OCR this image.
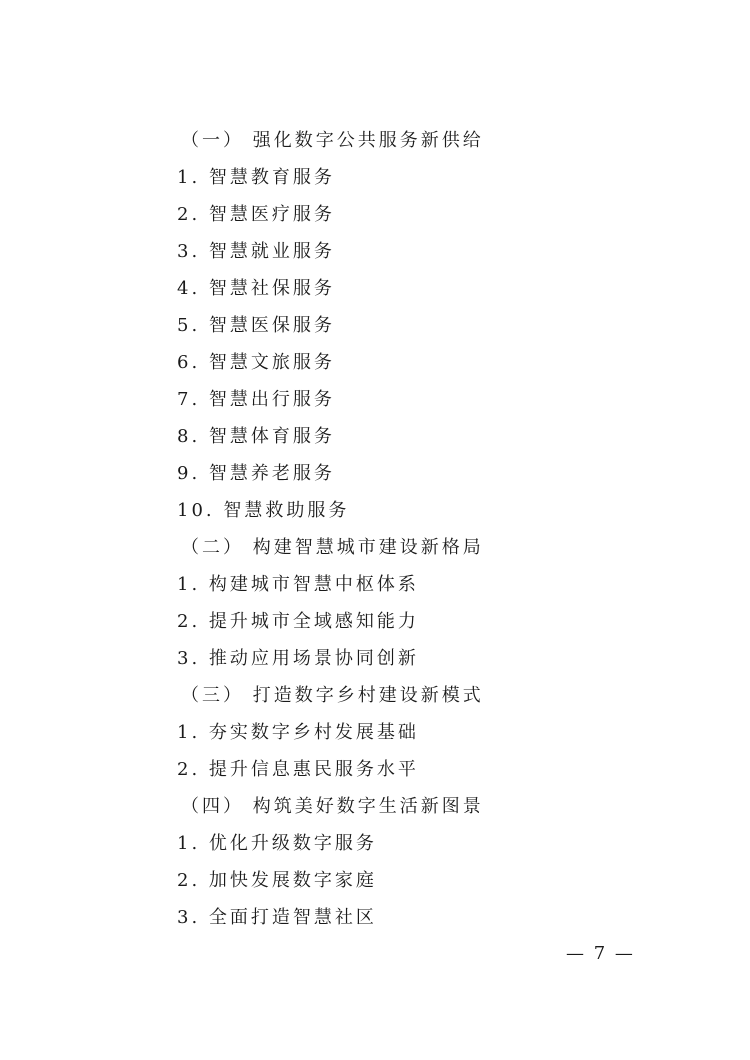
（一） 强化数字公共服务新供给
1. 智慧教育服务
2. 智慧医疗服务
3. 智慧就业服务
4. 智慧社保服务
5. 智慧医保服务
6. 智慧文旅服务
7. 智慧出行服务
8. 智慧体育服务
9. 智慧养老服务
10. 智慧救助服务
（二） 构建智慧城市建设新格局
1. 构建城市智慧中枢体系
2. 提升城市全域感知能力
3. 推动应用场景协同创新
（三） 打造数字乡村建设新模式
1. 夯实数字乡村发展基础
2. 提升信息惠民服务水平
（四） 构筑美好数字生活新图景
1. 优化升级数字服务
2. 加快发展数字家庭
3. 全面打造智慧社区
— 7 —
